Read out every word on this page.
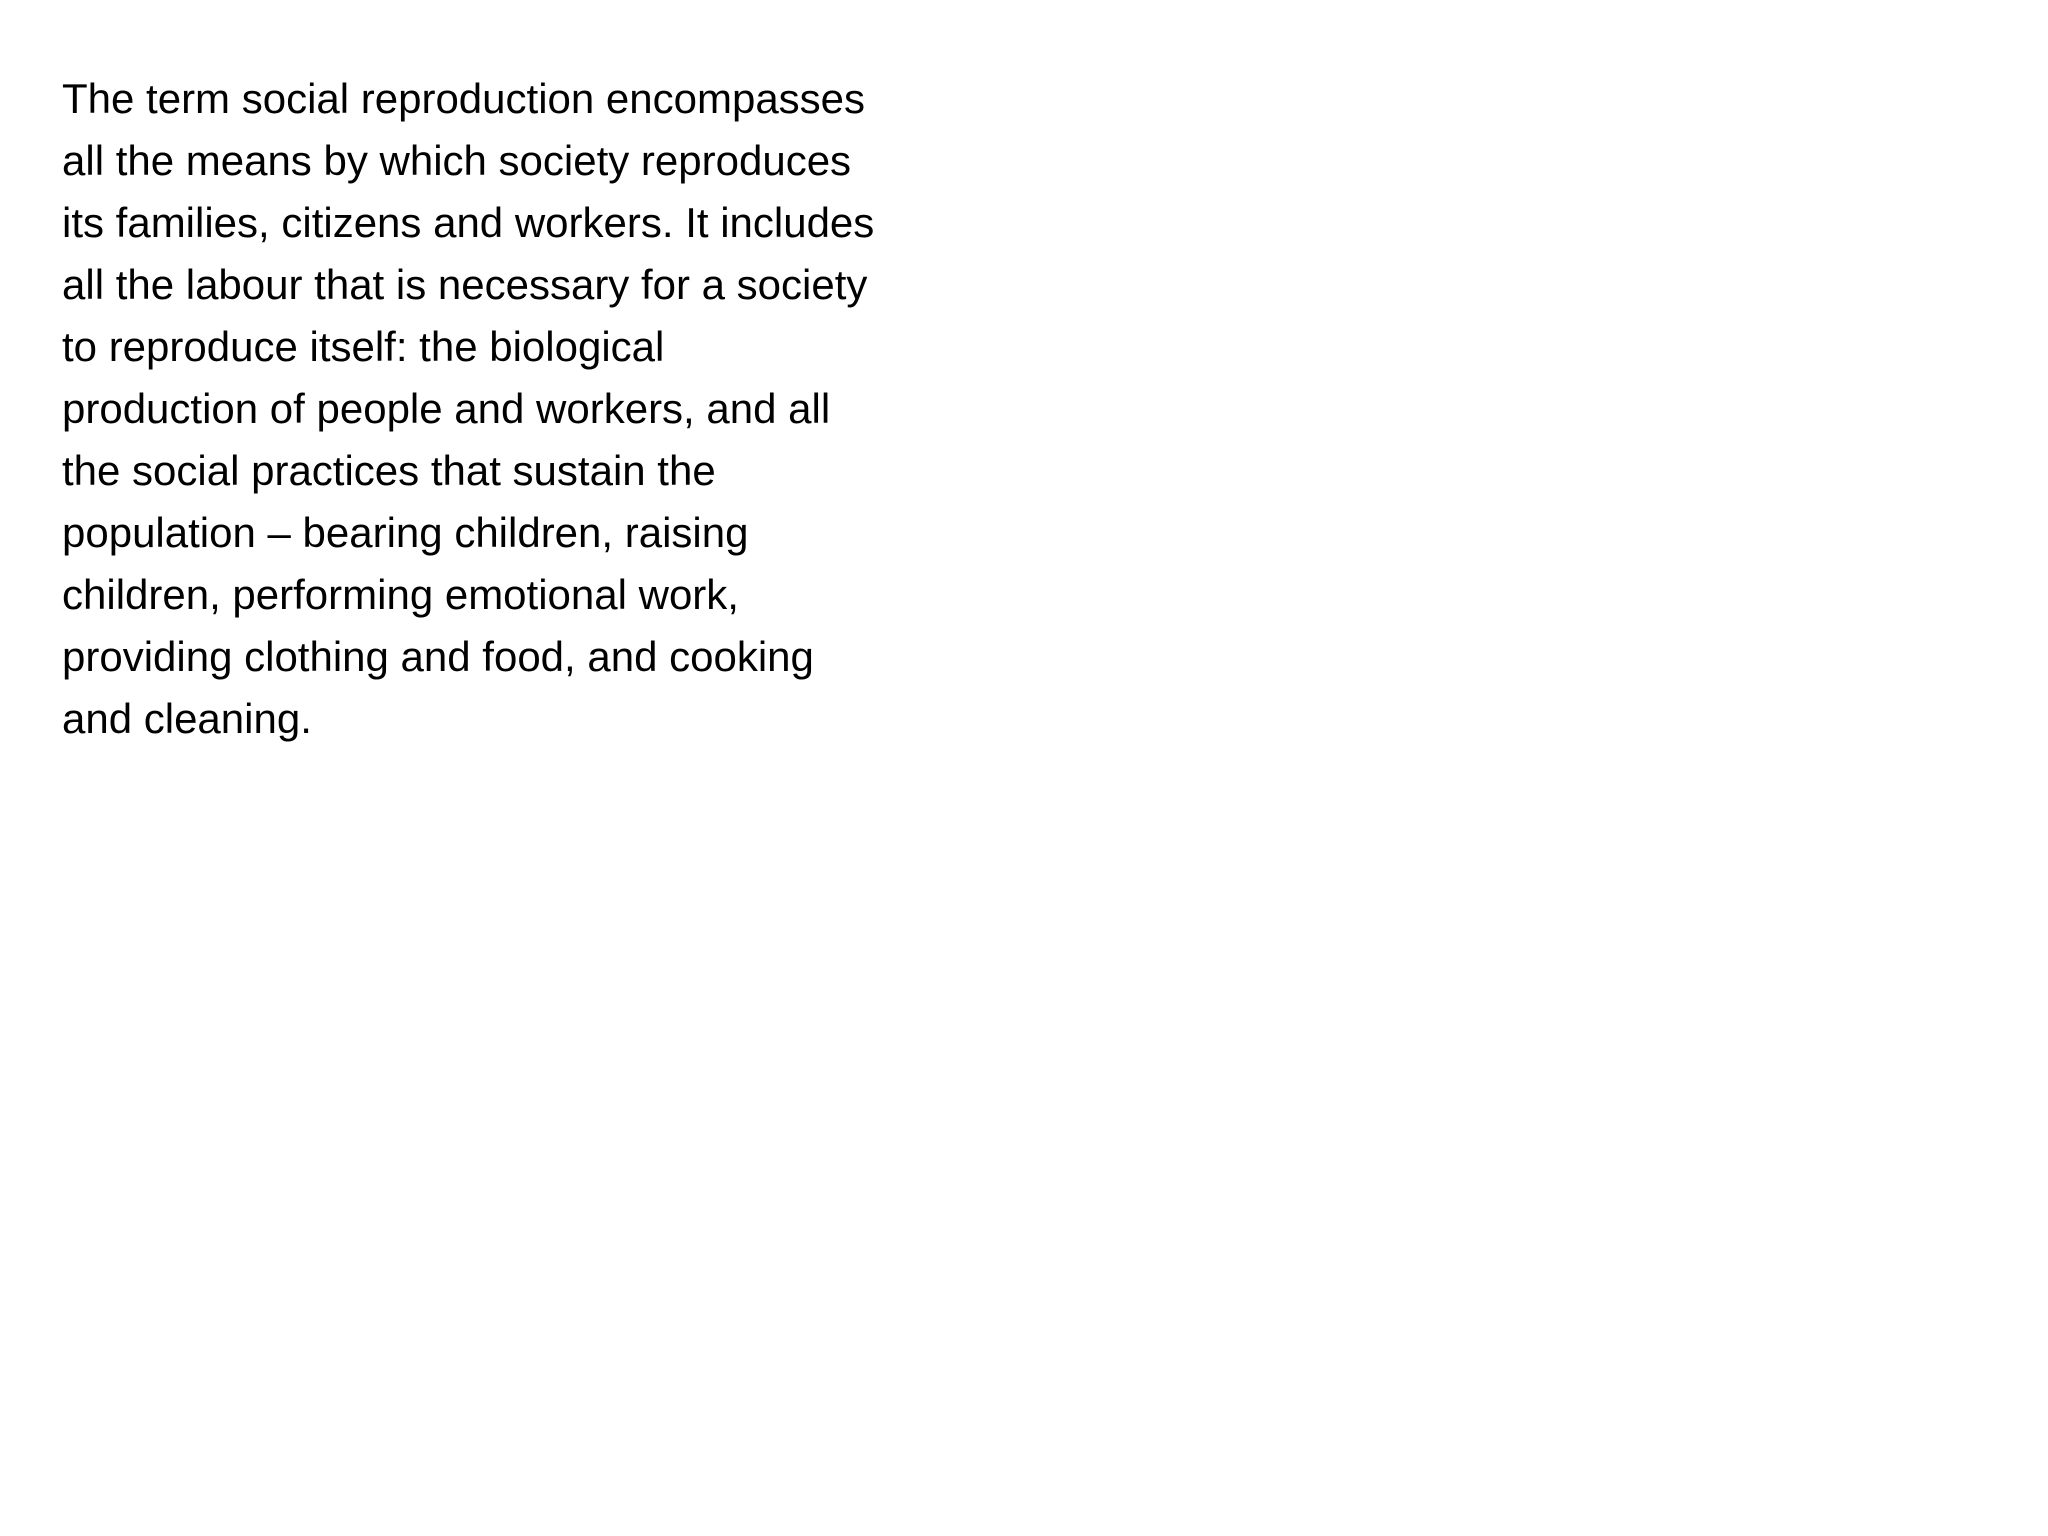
The term social reproduction encompasses
all the means by which society reproduces
its families, citizens and workers. It includes
all the labour that is necessary for a society
to reproduce itself: the biological
production of people and workers, and all
the social practices that sustain the
population – bearing children, raising
children, performing emotional work,
providing clothing and food, and cooking
and cleaning.
